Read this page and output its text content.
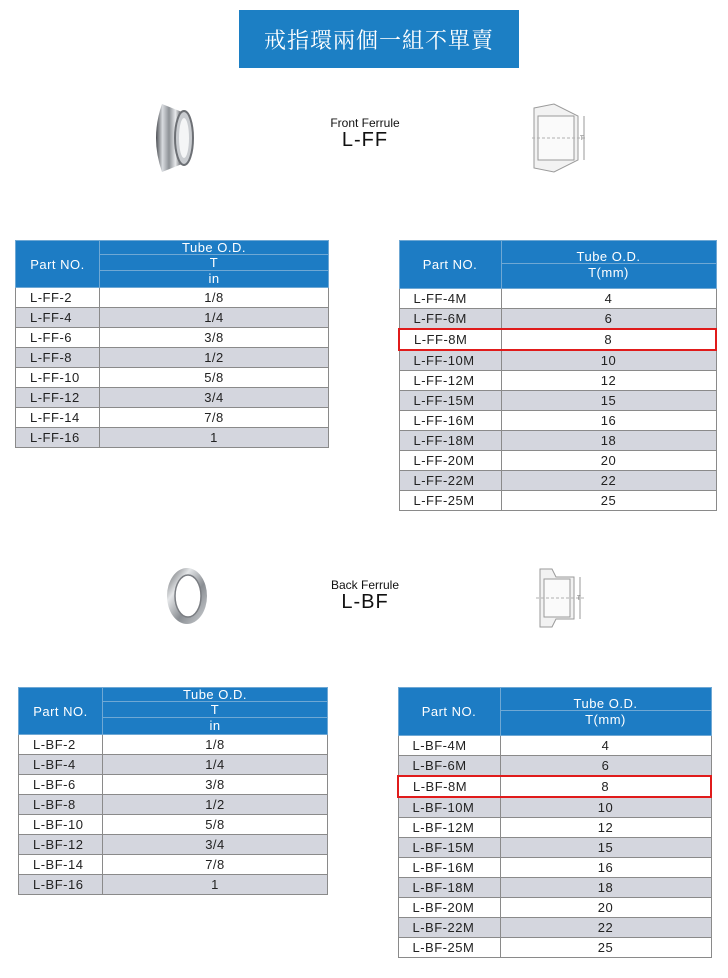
戒指環兩個一組不單賣
Front Ferrule
L-FF	T
Part NO.	Tube O.D.
	T
	in
L-FF-2	1/8
L-FF-4	1/4
L-FF-6	3/8
L-FF-8	1/2
L-FF-10	5/8
L-FF-12	3/4
L-FF-14	7/8
L-FF-16	1
Part NO.	Tube O.D.
	T(mm)
L-FF-4M	4
L-FF-6M	6
L-FF-8M	8
L-FF-10M	10
L-FF-12M	12
L-FF-15M	15
L-FF-16M	16
L-FF-18M	18
L-FF-20M	20
L-FF-22M	22
L-FF-25M	25
Back Ferrule
L-BF	T
Part NO.	Tube O.D.
	T
	in
L-BF-2	1/8
L-BF-4	1/4
L-BF-6	3/8
L-BF-8	1/2
L-BF-10	5/8
L-BF-12	3/4
L-BF-14	7/8
L-BF-16	1
Part NO.	Tube O.D.
	T(mm)
L-BF-4M	4
L-BF-6M	6
L-BF-8M	8
L-BF-10M	10
L-BF-12M	12
L-BF-15M	15
L-BF-16M	16
L-BF-18M	18
L-BF-20M	20
L-BF-22M	22
L-BF-25M	25
